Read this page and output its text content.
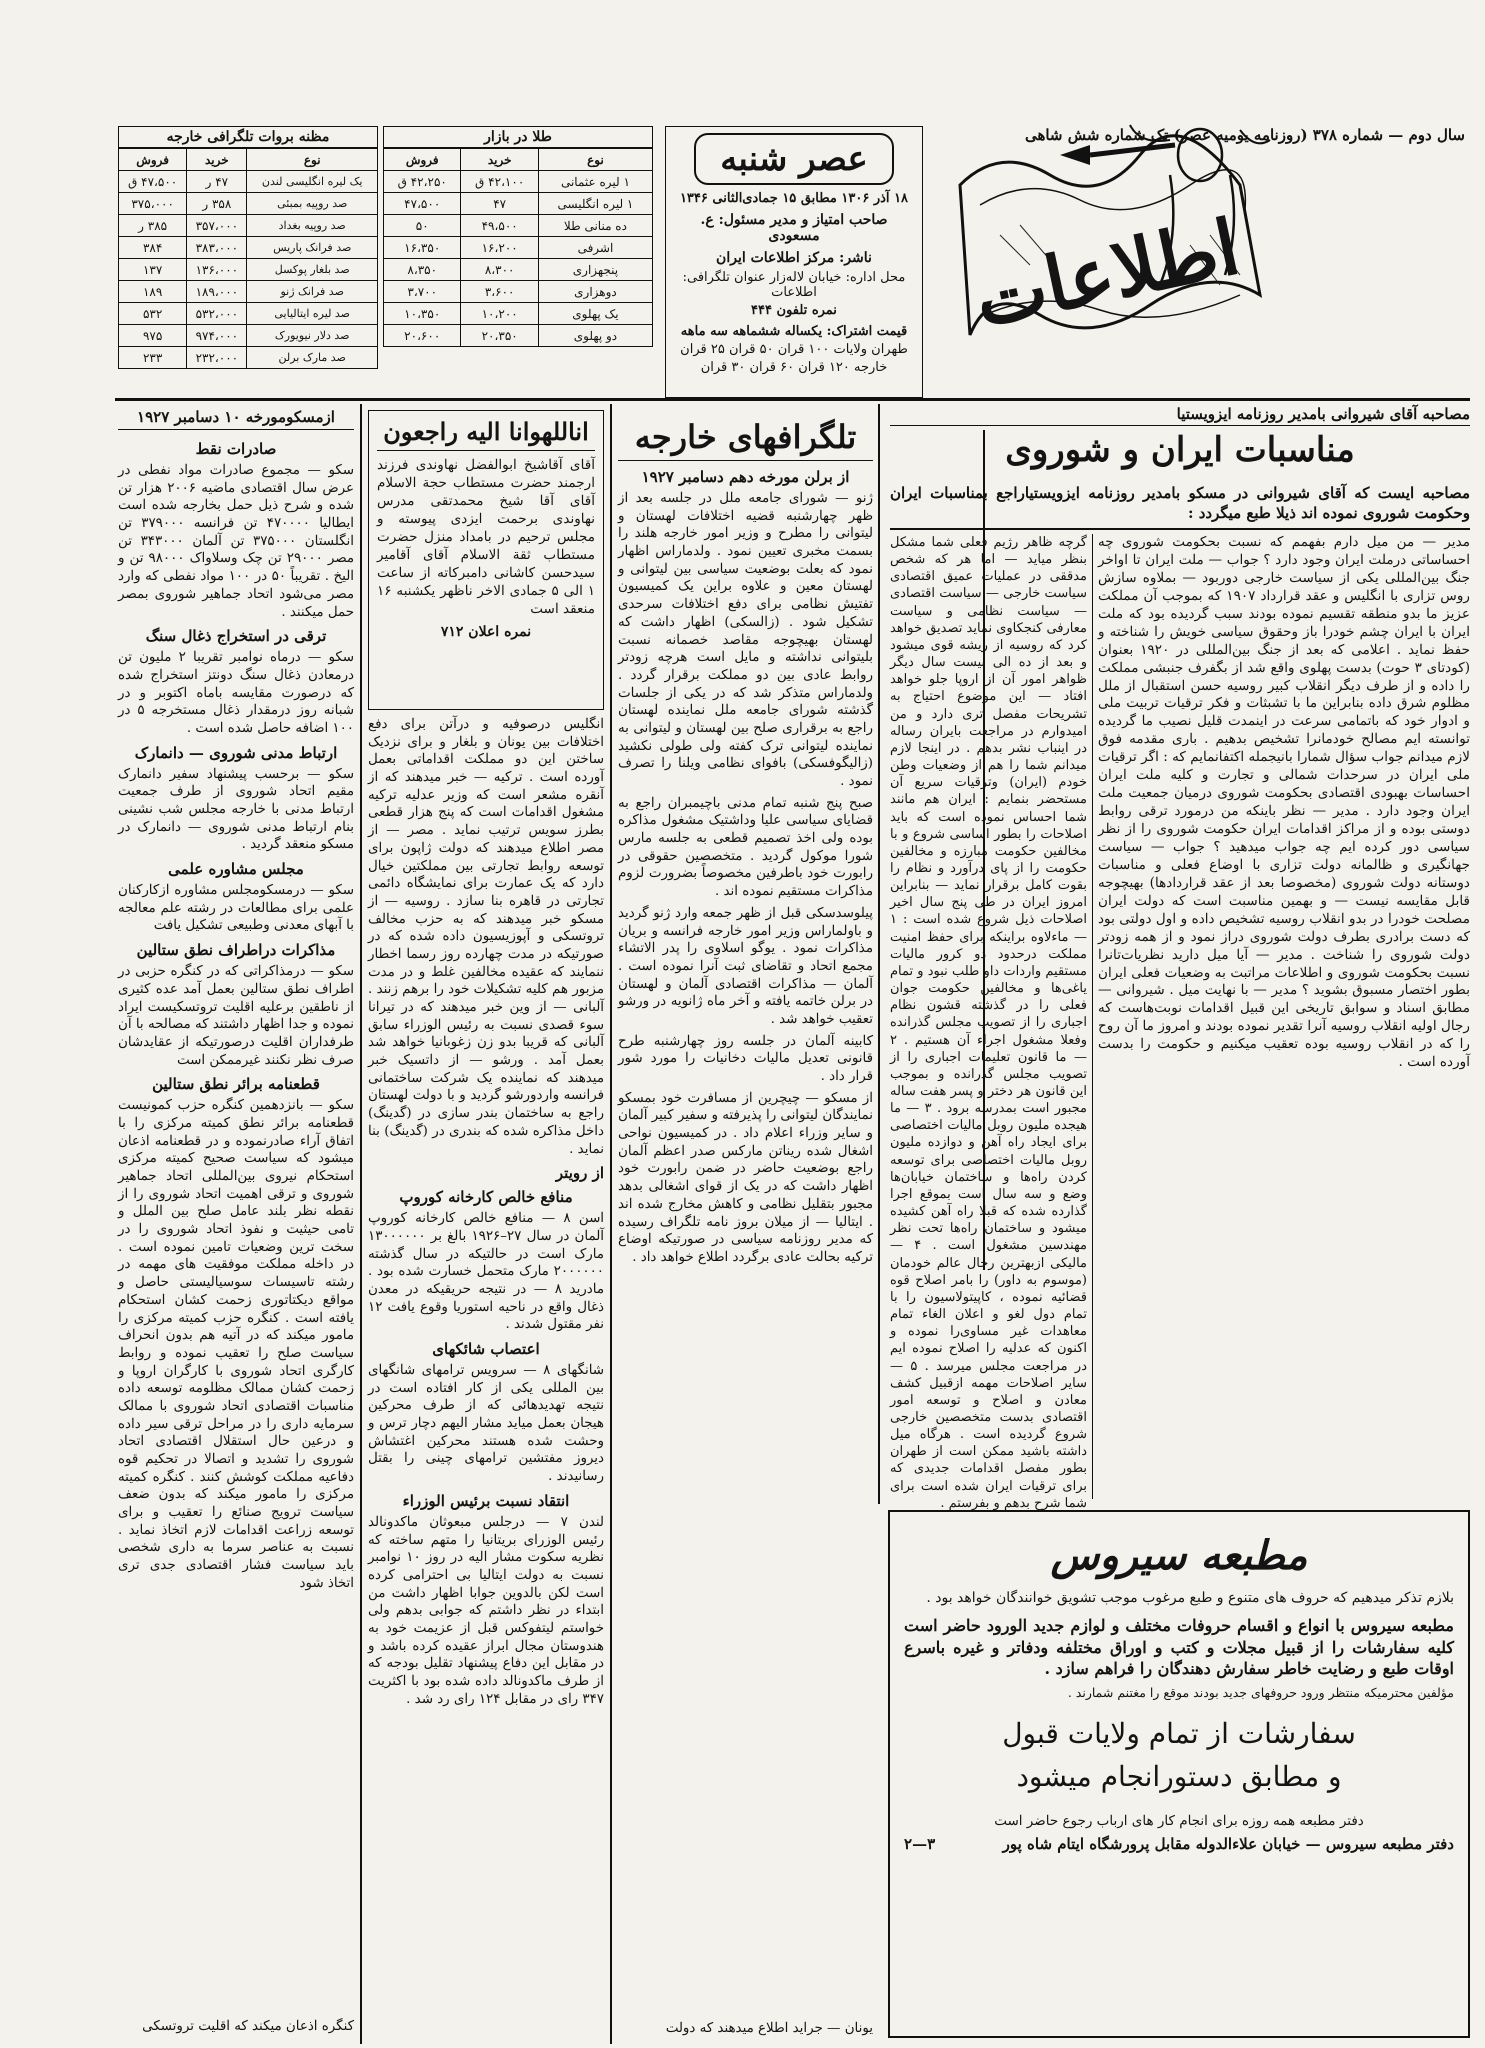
سال دوم — شماره ۳۷۸ (روزنامه یومیه عصر) تک شماره شش شاهی
اطلاعات
عصر شنبه
۱۸ آذر ۱۳۰۶ مطابق ۱۵ جمادی‌الثانی ۱۳۴۶
صاحب امتیاز و مدیر مسئول: ع. مسعودی
ناشر: مرکز اطلاعات ایران
محل اداره: خیابان لاله‌زار عنوان تلگرافی: اطلاعات
نمره تلفون ۴۴۴
قیمت اشتراک: یکساله ششماهه سه ماهه
طهران ولایات ۱۰۰ قران ۵۰ قران ۲۵ قران
خارجه ۱۲۰ قران ۶۰ قران ۳۰ قران
طلا در بازار
نوع	خرید	فروش
۱ لیره عثمانی	۴۲،۱۰۰ ق	۴۲،۲۵۰ ق
۱ لیره انگلیسی	۴۷	۴۷،۵۰۰
ده منانی طلا	۴۹،۵۰۰	۵۰
اشرفی	۱۶،۲۰۰	۱۶،۳۵۰
پنجهزاری	۸،۳۰۰	۸،۳۵۰
دوهزاری	۳،۶۰۰	۳،۷۰۰
یک پهلوی	۱۰،۲۰۰	۱۰،۳۵۰
دو پهلوی	۲۰،۳۵۰	۲۰،۶۰۰
مظنه بروات تلگرافی خارجه
نوع	خرید	فروش
یک لیره انگلیسی لندن	۴۷ ر	۴۷،۵۰۰ ق
صد روپیه بمبئی	۳۵۸ ر	۳۷۵،۰۰۰
صد روپیه بغداد	۳۵۷،۰۰۰	۳۸۵ ر
صد فرانک پاریس	۳۸۳،۰۰۰	۳۸۴
صد بلغار پوکسل	۱۳۶،۰۰۰	۱۳۷
صد فرانک ژنو	۱۸۹،۰۰۰	۱۸۹
صد لیره ایتالیایی	۵۳۲،۰۰۰	۵۳۲
صد دلار نیویورک	۹۷۴،۰۰۰	۹۷۵
صد مارک برلن	۲۳۲،۰۰۰	۲۳۳
مصاحبه آقای شیروانی بامدیر روزنامه ایزویستیا
مناسبات ایران و شوروی
مصاحبه ایست که آقای شیروانی در مسکو بامدیر روزنامه ایزویستیاراجع بمناسبات ایران وحکومت شوروی نموده اند ذیلا طبع میگردد :
مدیر — من میل دارم بفهمم که نسبت بحکومت شوروی چه احساساتی درملت ایران وجود دارد ؟ جواب — ملت ایران تا اواخر جنگ بین‌المللی یکی از سیاست خارجی دوربود — بملاوه سازش روس تزاری با انگلیس و عقد قرارداد ۱۹۰۷ که بموجب آن مملکت عزیز ما بدو منطقه تقسیم نموده بودند سبب گردیده بود که ملت ایران با ایران چشم خودرا باز وحقوق سیاسی خویش را شناخته و حفظ نماید . اعلامی که بعد از جنگ بین‌المللی در ۱۹۲۰ بعنوان (کودتای ۳ حوت) بدست پهلوی واقع شد از بگفرف جنبشی مملکت را داده و از طرف دیگر انقلاب کبیر روسیه حسن استقبال از ملل مظلوم شرق داده بنابراین ما با تشبثات و فکر ترقیات تربیت ملی و ادوار خود که باتمامی سرعت در اینمدت قلیل نصیب ما گردیده توانسته ایم مصالح خودمانرا تشخیص بدهیم . باری مقدمه فوق لازم میدانم جواب سؤال شمارا بانیجمله اکتفانمایم که : اگر ترقیات ملی ایران در سرحدات شمالی و تجارت و کلیه ملت ایران احساسات بهبودی اقتصادی بحکومت شوروی درمیان جمعیت ملت ایران وجود دارد . مدیر — نظر باینکه من درمورد ترقی روابط دوستی بوده و از مراکز اقدامات ایران حکومت شوروی را از نظر سیاسی دور کرده ایم چه جواب میدهید ؟ جواب — سیاست جهانگیری و ظالمانه دولت تزاری با اوضاع فعلی و مناسبات دوستانه دولت شوروی (مخصوصا بعد از عقد قراردادها) بهیچوجه قابل مقایسه نیست — و بهمین مناسبت است که دولت ایران مصلحت خودرا در بدو انقلاب روسیه تشخیص داده و اول دولتی بود که دست برادری بطرف دولت شوروی دراز نمود و از همه زودتر دولت شوروی را شناخت . مدیر — آیا میل دارید نظریات‌تانرا نسبت بحکومت شوروی و اطلاعات مراتبت به وضعیات فعلی ایران بطور اختصار مسبوق بشوید ؟ مدیر — با نهایت میل . شیروانی — مطابق اسناد و سوابق تاریخی این قبیل اقدامات نوبت‌هاست که رجال اولیه انقلاب روسیه آنرا تقدیر نموده بودند و امروز ما آن روح را که در انقلاب روسیه بوده تعقیب میکنیم و حکومت را بدست آورده است .
گرچه ظاهر رژیم فعلی شما مشکل بنظر میاید — اما هر که شخص مدققی در عملیات عمیق اقتصادی سیاست خارجی — سیاست اقتصادی — سیاست نظامی و سیاست معارفی کنجکاوی نماید تصدیق خواهد کرد که روسیه از ریشه قوی میشود و بعد از ده الی بیست سال دیگر ظواهر امور آن از اروپا جلو خواهد افتاد — این موضوع احتیاج به تشریحات مفصل تری دارد و من امیدوارم در مراجعت بایران رساله در اینباب نشر بدهم . در اینجا لازم میدانم شما را هم از وضعیات وطن خودم (ایران) وترقیات سریع آن مستحضر بنمایم : ایران هم مانند شما احساس نموده است که باید اصلاحات را بطور اساسی شروع و با مخالفین حکومت مبارزه و مخالفین حکومت را از پای درآورد و نظام را بقوت کامل برقرار نماید — بنابراین امروز ایران در طی پنج سال اخیر اصلاحات ذیل شروع شده است : ۱ — ماءلاوه براینکه برای حفظ امنیت مملکت درحدود دو کرور مالیات مستقیم واردات داو طلب نبود و تمام یاغی‌ها و مخالفین حکومت جوان فعلی را در گذشته قشون نظام اجباری را از تصویب مجلس گذرانده وفعلا مشغول اجراء آن هستیم . ۲ — ما قانون تعلیمات اجباری را از تصویب مجلس گذرانده و بموجب این قانون هر دختر و پسر هفت ساله مجبور است بمدرسه برود . ۳ — ما هیجده ملیون روبل مالیات اختصاصی برای ایجاد راه آهن و دوازده ملیون روبل مالیات اختصاصی برای توسعه کردن راه‌ها و ساختمان خیابان‌ها وضع و سه سال است بموقع اجرا گذارده شده که قبلا راه آهن کشیده میشود و ساختمان راه‌ها تحت نظر مهندسین مشغول است . ۴ — مالیکی ازبهترین رجال عالم خودمان (موسوم به داور) را بامر اصلاح قوه قضائیه نموده ، کاپیتولاسیون را با تمام دول لغو و اعلان الغاء تمام معاهدات غیر مساوی‌را نموده و اکنون که عدلیه را اصلاح نموده ایم در مراجعت مجلس میرسد . ۵ — سایر اصلاحات مهمه ازقبیل کشف معادن و اصلاح و توسعه امور اقتصادی بدست متخصصین خارجی شروع گردیده است . هرگاه میل داشته باشید ممکن است از طهران بطور مفصل اقدامات جدیدی که برای ترقیات ایران شده است برای شما شرح بدهم و بفرستم .
تلگرافهای خارجه
از برلن مورخه دهم دسامبر ۱۹۲۷

ژنو — شورای جامعه ملل در جلسه بعد از ظهر چهارشنبه قضیه اختلافات لهستان و لیتوانی را مطرح و وزیر امور خارجه هلند را بسمت مخبری تعیین نمود . ولدماراس اظهار نمود که بعلت بوضعیت سیاسی بین لیتوانی و لهستان معین و علاوه براین یک کمیسیون تفتیش نظامی برای دفع اختلافات سرحدی تشکیل شود . (زالسکی) اظهار داشت که لهستان بهیچوجه مقاصد خصمانه نسبت بلیتوانی نداشته و مایل است هرچه زودتر روابط عادی بین دو مملکت برقرار گردد . ولدماراس متذکر شد که در یکی از جلسات گذشته شورای جامعه ملل نماینده لهستان راجع به برقراری صلح بین لهستان و لیتوانی به نماینده لیتوانی ترک کفته ولی طولی نکشید (زالیگوفسکی) بافوای نظامی ویلنا را تصرف نمود .

صبح پنج شنبه تمام مدنی باچیمبران راجع به قضایای سیاسی علیا وداشتیک مشغول مذاکره بوده ولی اخذ تصمیم قطعی به جلسه مارس شورا موکول گردید . متخصصین حقوقی در رابورت خود باطرفین مخصوصاً بضرورت لزوم مذاکرات مستقیم نموده اند .

پیلوسدسکی قبل از ظهر جمعه وارد ژنو گردید و باولماراس وزیر امور خارجه فرانسه و بریان مذاکرات نمود . یوگو اسلاوی را پدر الاتشاء مجمع اتحاد و تقاضای ثبت آنرا نموده است . آلمان — مذاکرات اقتصادی آلمان و لهستان در برلن خاتمه یافته و آخر ماه ژانویه در ورشو تعقیب خواهد شد .

کابینه آلمان در جلسه روز چهارشنبه طرح قانونی تعدیل مالیات دخانیات را مورد شور قرار داد .

از مسکو — چیچرین از مسافرت خود بمسکو نمایندگان لیتوانی را پذیرفته و سفیر کبیر آلمان و سایر وزراء اعلام داد . در کمیسیون نواحی اشغال شده ریناتن مارکس صدر اعظم آلمان راجع بوضعیت حاضر در ضمن رابورت خود اظهار داشت که در یک از قوای اشغالی بدهد مجبور بتقلیل نظامی و کاهش مخارج شده اند . ایتالیا — از میلان بروز نامه تلگراف رسیده که مدیر روزنامه سیاسی در صورتیکه اوضاع ترکیه بحالت عادی برگردد اطلاع خواهد داد .

یونان — جراید اطلاع میدهند که دولت
اناللهوانا الیه راجعون

آقای آقاشیخ ابوالفضل نهاوندی فرزند ارجمند حضرت مستطاب حجة الاسلام آقای آقا شیخ محمدتقی مدرس نهاوندی برحمت ایزدی پیوسته و مجلس ترحیم در بامداد منزل حضرت مستطاب ثقة الاسلام آقای آقامیر سیدحسن کاشانی دامبرکاته از ساعت ۱ الی ۵ جمادی الاخر ناظهر یکشنبه ۱۶ منعقد است

نمره اعلان ۷۱۲

انگلیس درصوفیه و درآتن برای دفع اختلافات بین یونان و بلغار و برای نزدیک ساختن این دو مملکت اقداماتی بعمل آورده است . ترکیه — خبر میدهند که از آنقره مشعر است که وزیر عدلیه ترکیه مشغول اقدامات است که پنج هزار قطعی بطرز سویس ترتیب نماید . مصر — از مصر اطلاع میدهند که دولت ژاپون برای توسعه روابط تجارتی بین مملکتین خیال دارد که یک عمارت برای نمایشگاه دائمی تجارتی در قاهره بنا سازد . روسیه — از مسکو خبر میدهند که به حزب مخالف تروتسکی و آپوزیسیون داده شده که در صورتیکه در مدت چهارده روز رسما اخطار ننمایند که عقیده مخالفین غلط و در مدت مزبور هم کلیه تشکیلات خود را برهم زنند . آلبانی — از وین خبر میدهند که در تیرانا سوء قصدی نسبت به رئیس الوزراء سابق آلبانی که قریبا بدو زن زغوبانیا خواهد شد بعمل آمد . ورشو — از داتسیک خبر میدهند که نماینده یک شرکت ساختمانی فرانسه واردورشو گردید و با دولت لهستان راجع به ساختمان بندر سازی در (گدینگ) داخل مذاکره شده که بندری در (گدینگ) بنا نماید .

از رویتر
منافع خالص کارخانه کوروپ

اسن ۸ — منافع خالص کارخانه کوروپ آلمان در سال ۲۷–۱۹۲۶ بالغ بر ۱۳۰۰۰۰۰۰ مارک است در حالتیکه در سال گذشته ۲۰۰۰۰۰۰ مارک متحمل خسارت شده بود . مادرید ۸ — در نتیجه حریقیکه در معدن ذغال واقع در ناحیه استوریا وقوع یافت ۱۲ نفر مقتول شدند .

اعتصاب شائکهای

شانگهای ۸ — سرویس ترامهای شانگهای بین المللی یکی از کار افتاده است در نتیجه تهدیدهائی که از طرف محرکین هیجان بعمل میاید مشار الیهم دچار ترس و وحشت شده هستند محرکین اغتشاش دیروز مفتشین ترامهای چینی را بقتل رسانیدند .

انتقاد نسبت برئیس الوزراء

لندن ۷ — درجلس مبعوثان ماکدونالد رئیس الوزرای بریتانیا را متهم ساخته که نظریه سکوت مشار الیه در روز ۱۰ نوامبر نسبت به دولت ایتالیا بی احترامی کرده است لکن بالدوین جوابا اظهار داشت من ابتداء در نظر داشتم که جوابی بدهم ولی خواستم لیتفوکس قبل از عزیمت خود به هندوستان مجال ابراز عقیده کرده باشد و در مقابل این دفاع پیشنهاد تقلیل بودجه که از طرف ماکدونالد داده شده بود با اکثریت ۳۴۷ رای در مقابل ۱۲۴ رای رد شد .

ازمسکومورخه ۱۰ دسامبر ۱۹۲۷
صادرات نقط

سکو — مجموع صادرات مواد نفطی در عرض سال اقتصادی ماضیه ۲۰۰۶ هزار تن شده و شرح ذیل حمل بخارجه شده است ایطالیا ۴۷۰۰۰۰ تن فرانسه ۳۷۹۰۰۰ تن انگلستان ۳۷۵۰۰۰ تن آلمان ۳۴۳۰۰۰ تن مصر ۲۹۰۰۰ تن چک وسلاواک ۹۸۰۰۰ تن و الیخ . تقریباً ۵۰ در ۱۰۰ مواد نفطی که وارد مصر می‌شود اتحاد جماهیر شوروی بمصر حمل میکنند .

ترقی در استخراج ذغال سنگ

سکو — درماه نوامبر تقریبا ۲ ملیون تن درمعادن ذغال سنگ دونتز استخراج شده که درصورت مقایسه باماه اکتوبر و در شبانه روز درمقدار ذغال مستخرجه ۵ در ۱۰۰ اضافه حاصل شده است .

ارتباط مدنی شوروی — دانمارک

سکو — برحسب پیشنهاد سفیر دانمارک مقیم اتحاد شوروی از طرف جمعیت ارتباط مدنی با خارجه مجلس شب نشینی بنام ارتباط مدنی شوروی — دانمارک در مسکو منعقد گردید .

مجلس مشاوره علمی

سکو — درمسکومجلس مشاوره ازکارکنان علمی برای مطالعات در رشته علم معالجه با آبهای معدنی وطبیعی تشکیل یافت

مذاکرات دراطراف نطق ستالین

سکو — درمذاکراتی که در کنگره حزبی در اطراف نطق ستالین بعمل آمد عده کثیری از ناطقین برعلیه اقلیت تروتسکیست ایراد نموده و جدا اظهار داشتند که مصالحه با آن طرفداران اقلیت درصورتیکه از عقایدشان صرف نظر نکنند غیرممکن است

قطعنامه برائر نطق ستالین

سکو — بانزدهمین کنگره حزب کمونیست قطعنامه برائر نطق کمیته مرکزی را با اتفاق آراء صادرنموده و در قطعنامه اذعان میشود که سیاست صحیح کمیته مرکزی استحکام نیروی بین‌المللی اتحاد جماهیر شوروی و ترقی اهمیت اتحاد شوروی را از نقطه نظر بلند عامل صلح بین الملل و تامی حیثیت و نفوذ اتحاد شوروی را در سخت ترین وضعیات تامین نموده است . در داخله مملکت موفقیت های مهمه در رشته تاسیسات سوسیالیستی حاصل و مواقع دیکتاتوری زحمت کشان استحکام یافته است . کنگره حزب کمیته مرکزی را مامور میکند که در آتیه هم بدون انحراف سیاست صلح را تعقیب نموده و روابط کارگری اتحاد شوروی با کارگران اروپا و زحمت کشان ممالک مظلومه توسعه داده مناسبات اقتصادی اتحاد شوروی با ممالک سرمایه داری را در مراحل ترقی سیر داده و درعین حال استقلال اقتصادی اتحاد شوروی را تشدید و اتصالا در تحکیم قوه دفاعیه مملکت کوشش کنند . کنگره کمیته مرکزی را مامور میکند که بدون ضعف سیاست ترویج صنائع را تعقیب و برای توسعه زراعت اقدامات لازم اتخاذ نماید . نسبت به عناصر سرما به داری شخصی باید سیاست فشار اقتصادی جدی تری اتخاذ شود

کنگره اذعان میکند که اقلیت تروتسکی
مطبعه سیروس

بلازم تذکر میدهیم که حروف های متنوع و طبع مرغوب موجب تشویق خوانندگان خواهد بود .

مطبعه سیروس با انواع و اقسام حروفات مختلف و لوازم جدید الورود حاضر است کلیه سفارشات را از قبیل مجلات و کتب و اوراق مختلفه ودفاتر و غیره باسرع اوقات طبع و رضایت خاطر سفارش دهندگان را فراهم سازد .

مؤلفین محترمیکه منتظر ورود حروفهای جدید بودند موقع را مغتنم شمارند .

سفارشات از تمام ولایات قبول
و مطابق دستورانجام میشود
دفتر مطبعه همه روزه برای انجام کار های ارباب رجوع حاضر است
دفتر مطبعه سیروس — خیابان علاءالدوله مقابل پرورشگاه ایتام شاه پور
۳—۲
